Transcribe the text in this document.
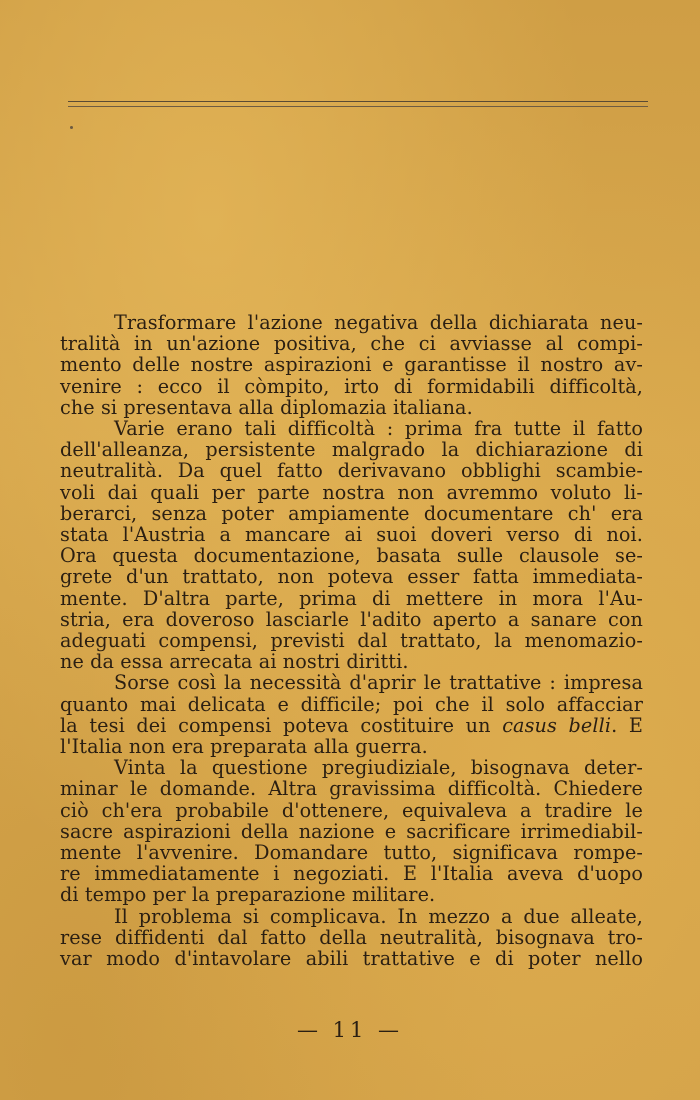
Trasformare l'azione negativa della dichiarata neu-
tralità in un'azione positiva, che ci avviasse al compi-
mento delle nostre aspirazioni e garantisse il nostro av-
venire : ecco il còmpito, irto di formidabili difficoltà,
che si presentava alla diplomazia italiana.

Varie erano tali difficoltà : prima fra tutte il fatto
dell'alleanza, persistente malgrado la dichiarazione di
neutralità. Da quel fatto derivavano obblighi scambie-
voli dai quali per parte nostra non avremmo voluto li-
berarci, senza poter ampiamente documentare ch' era
stata l'Austria a mancare ai suoi doveri verso di noi.
Ora questa documentazione, basata sulle clausole se-
grete d'un trattato, non poteva esser fatta immediata-
mente. D'altra parte, prima di mettere in mora l'Au-
stria, era doveroso lasciarle l'adito aperto a sanare con
adeguati compensi, previsti dal trattato, la menomazio-
ne da essa arrecata ai nostri diritti.

Sorse così la necessità d'aprir le trattative : impresa
quanto mai delicata e difficile; poi che il solo affacciar
la tesi dei compensi poteva costituire un casus belli. E
l'Italia non era preparata alla guerra.

Vinta la questione pregiudiziale, bisognava deter-
minar le domande. Altra gravissima difficoltà. Chiedere
ciò ch'era probabile d'ottenere, equivaleva a tradire le
sacre aspirazioni della nazione e sacrificare irrimediabil-
mente l'avvenire. Domandare tutto, significava rompe-
re immediatamente i negoziati. E l'Italia aveva d'uopo
di tempo per la preparazione militare.

Il problema si complicava. In mezzo a due alleate,
rese diffidenti dal fatto della neutralità, bisognava tro-
var modo d'intavolare abili trattative e di poter nello

— 11 —
